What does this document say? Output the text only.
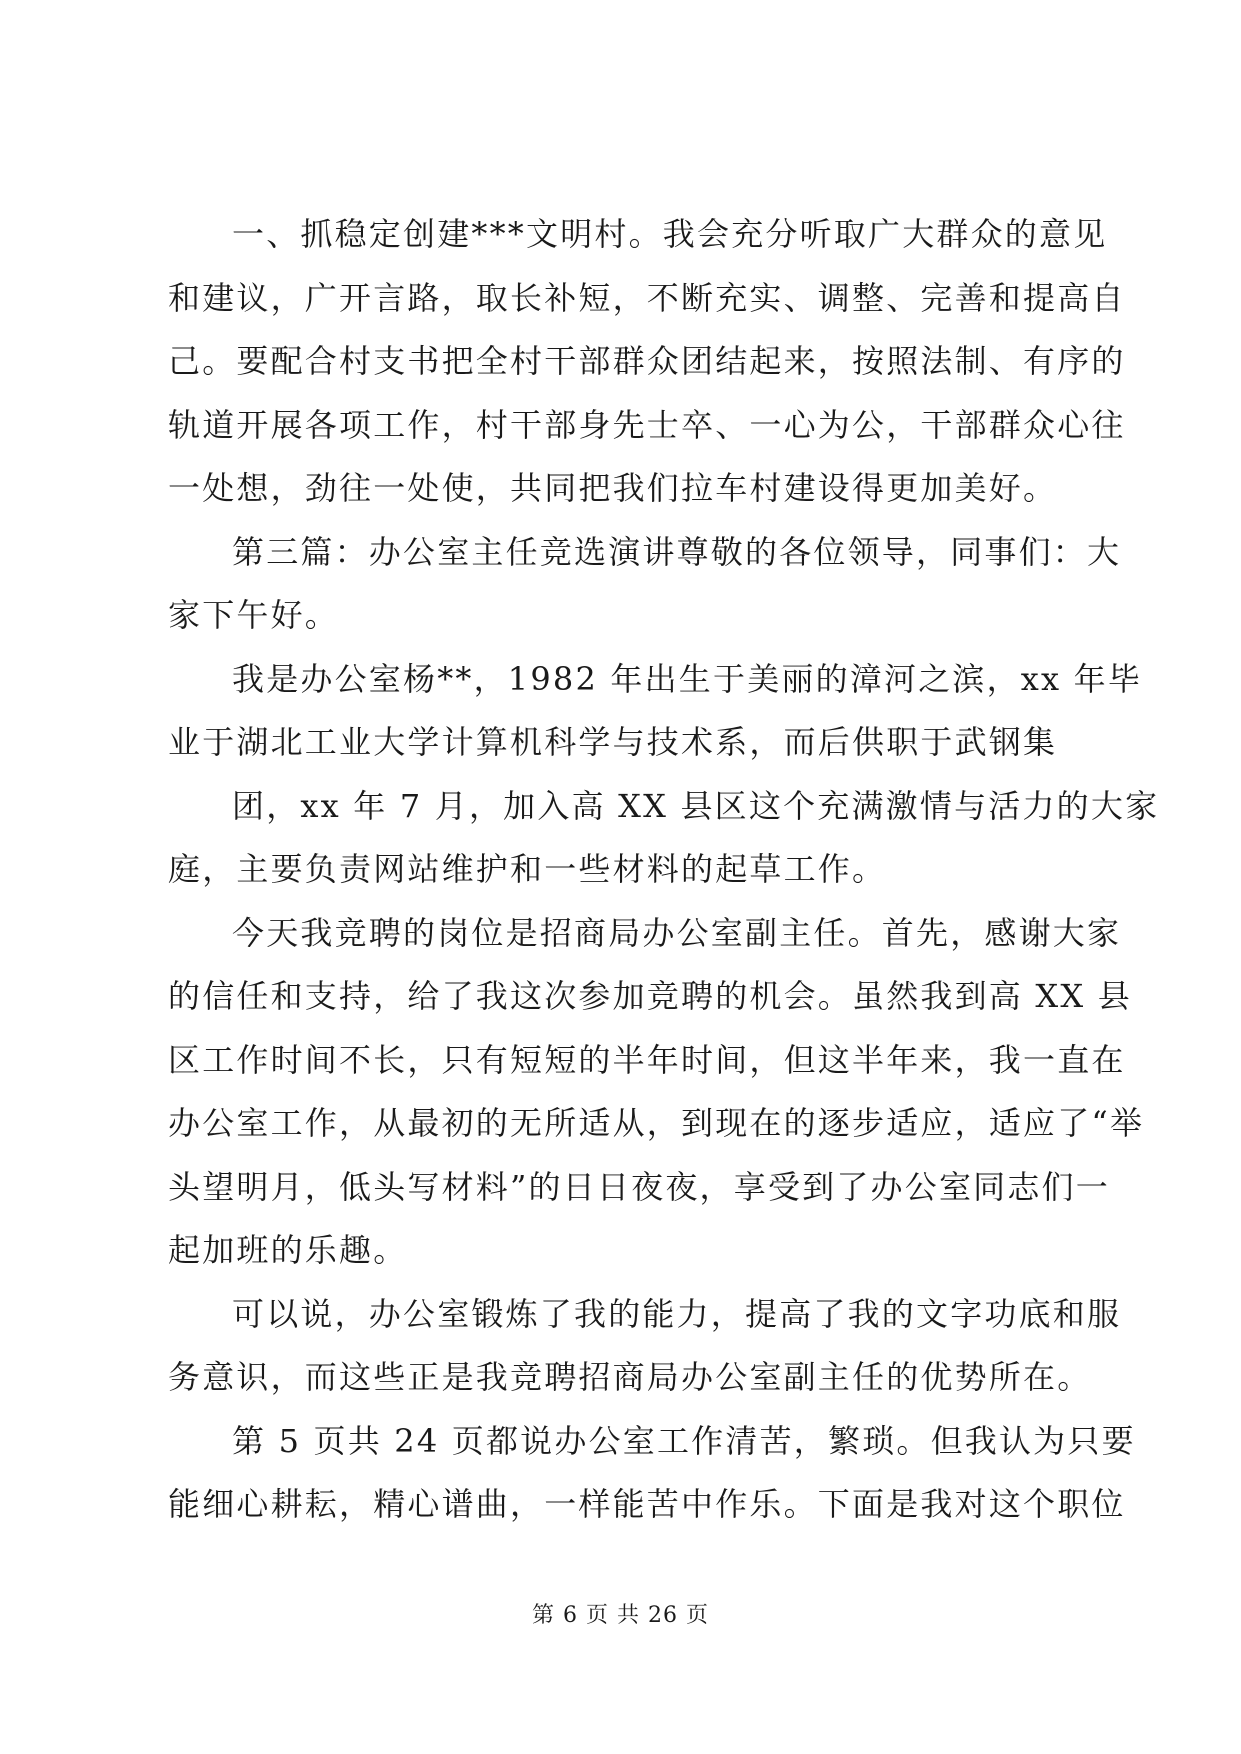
一、抓稳定创建***文明村。我会充分听取广大群众的意见
和建议，广开言路，取长补短，不断充实、调整、完善和提高自
己。要配合村支书把全村干部群众团结起来，按照法制、有序的
轨道开展各项工作，村干部身先士卒、一心为公，干部群众心往
一处想，劲往一处使，共同把我们拉车村建设得更加美好。
第三篇：办公室主任竞选演讲尊敬的各位领导，同事们：大
家下午好。
我是办公室杨**，1982 年出生于美丽的漳河之滨，xx 年毕
业于湖北工业大学计算机科学与技术系，而后供职于武钢集
团，xx 年 7 月，加入高 XX 县区这个充满激情与活力的大家
庭，主要负责网站维护和一些材料的起草工作。
今天我竞聘的岗位是招商局办公室副主任。首先，感谢大家
的信任和支持，给了我这次参加竞聘的机会。虽然我到高 XX 县
区工作时间不长，只有短短的半年时间，但这半年来，我一直在
办公室工作，从最初的无所适从，到现在的逐步适应，适应了“举
头望明月，低头写材料”的日日夜夜，享受到了办公室同志们一
起加班的乐趣。
可以说，办公室锻炼了我的能力，提高了我的文字功底和服
务意识，而这些正是我竞聘招商局办公室副主任的优势所在。
第 5 页共 24 页都说办公室工作清苦，繁琐。但我认为只要
能细心耕耘，精心谱曲，一样能苦中作乐。下面是我对这个职位
第 6 页 共 26 页
